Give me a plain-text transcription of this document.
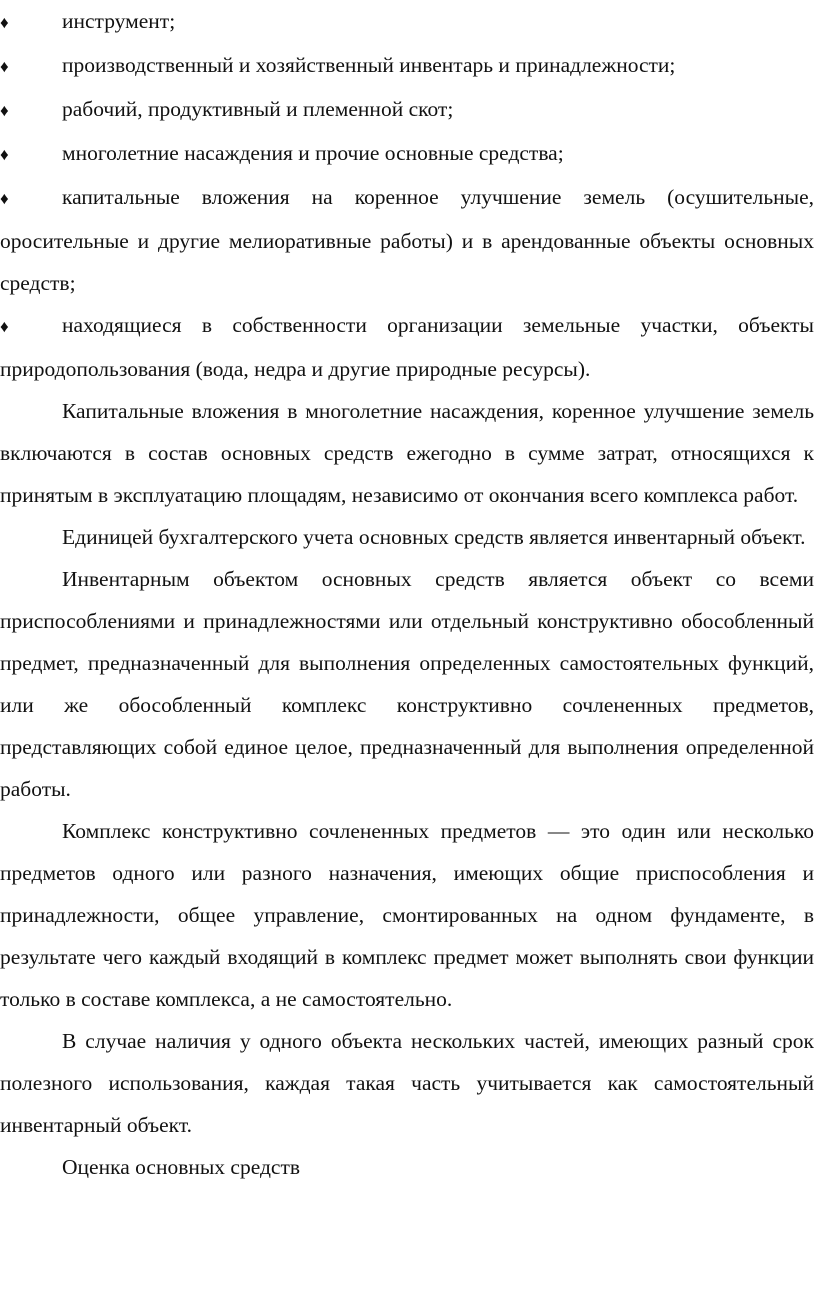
♦ инструмент;

♦ производственный и хозяйственный инвентарь и принадлежности;

♦ рабочий, продуктивный и племенной скот;

♦ многолетние насаждения и прочие основные средства;

♦ капитальные вложения на коренное улучшение земель (осушительные, оросительные и другие мелиоративные работы) и в арендованные объекты основных средств;

♦ находящиеся в собственности организации земельные участки, объекты природопользования (вода, недра и другие природные ресурсы).

Капитальные вложения в многолетние насаждения, коренное улучшение земель включаются в состав основных средств ежегодно в сумме затрат, относящихся к принятым в эксплуатацию площадям, независимо от окончания всего комплекса работ.

Единицей бухгалтерского учета основных средств является инвентарный объект.

Инвентарным объектом основных средств является объект со всеми приспособлениями и принадлежностями или отдельный конструктивно обособленный предмет, предназначенный для выполнения определенных самостоятельных функций, или же обособленный комплекс конструктивно сочлененных предметов, представляющих собой единое целое, предназначенный для выполнения определенной работы.

Комплекс конструктивно сочлененных предметов — это один или несколько предметов одного или разного назначения, имеющих общие приспособления и принадлежности, общее управление, смонтированных на одном фундаменте, в результате чего каждый входящий в комплекс предмет может выполнять свои функции только в составе комплекса, а не самостоятельно.

В случае наличия у одного объекта нескольких частей, имеющих разный срок полезного использования, каждая такая часть учитывается как самостоятельный инвентарный объект.

Оценка основных средств
